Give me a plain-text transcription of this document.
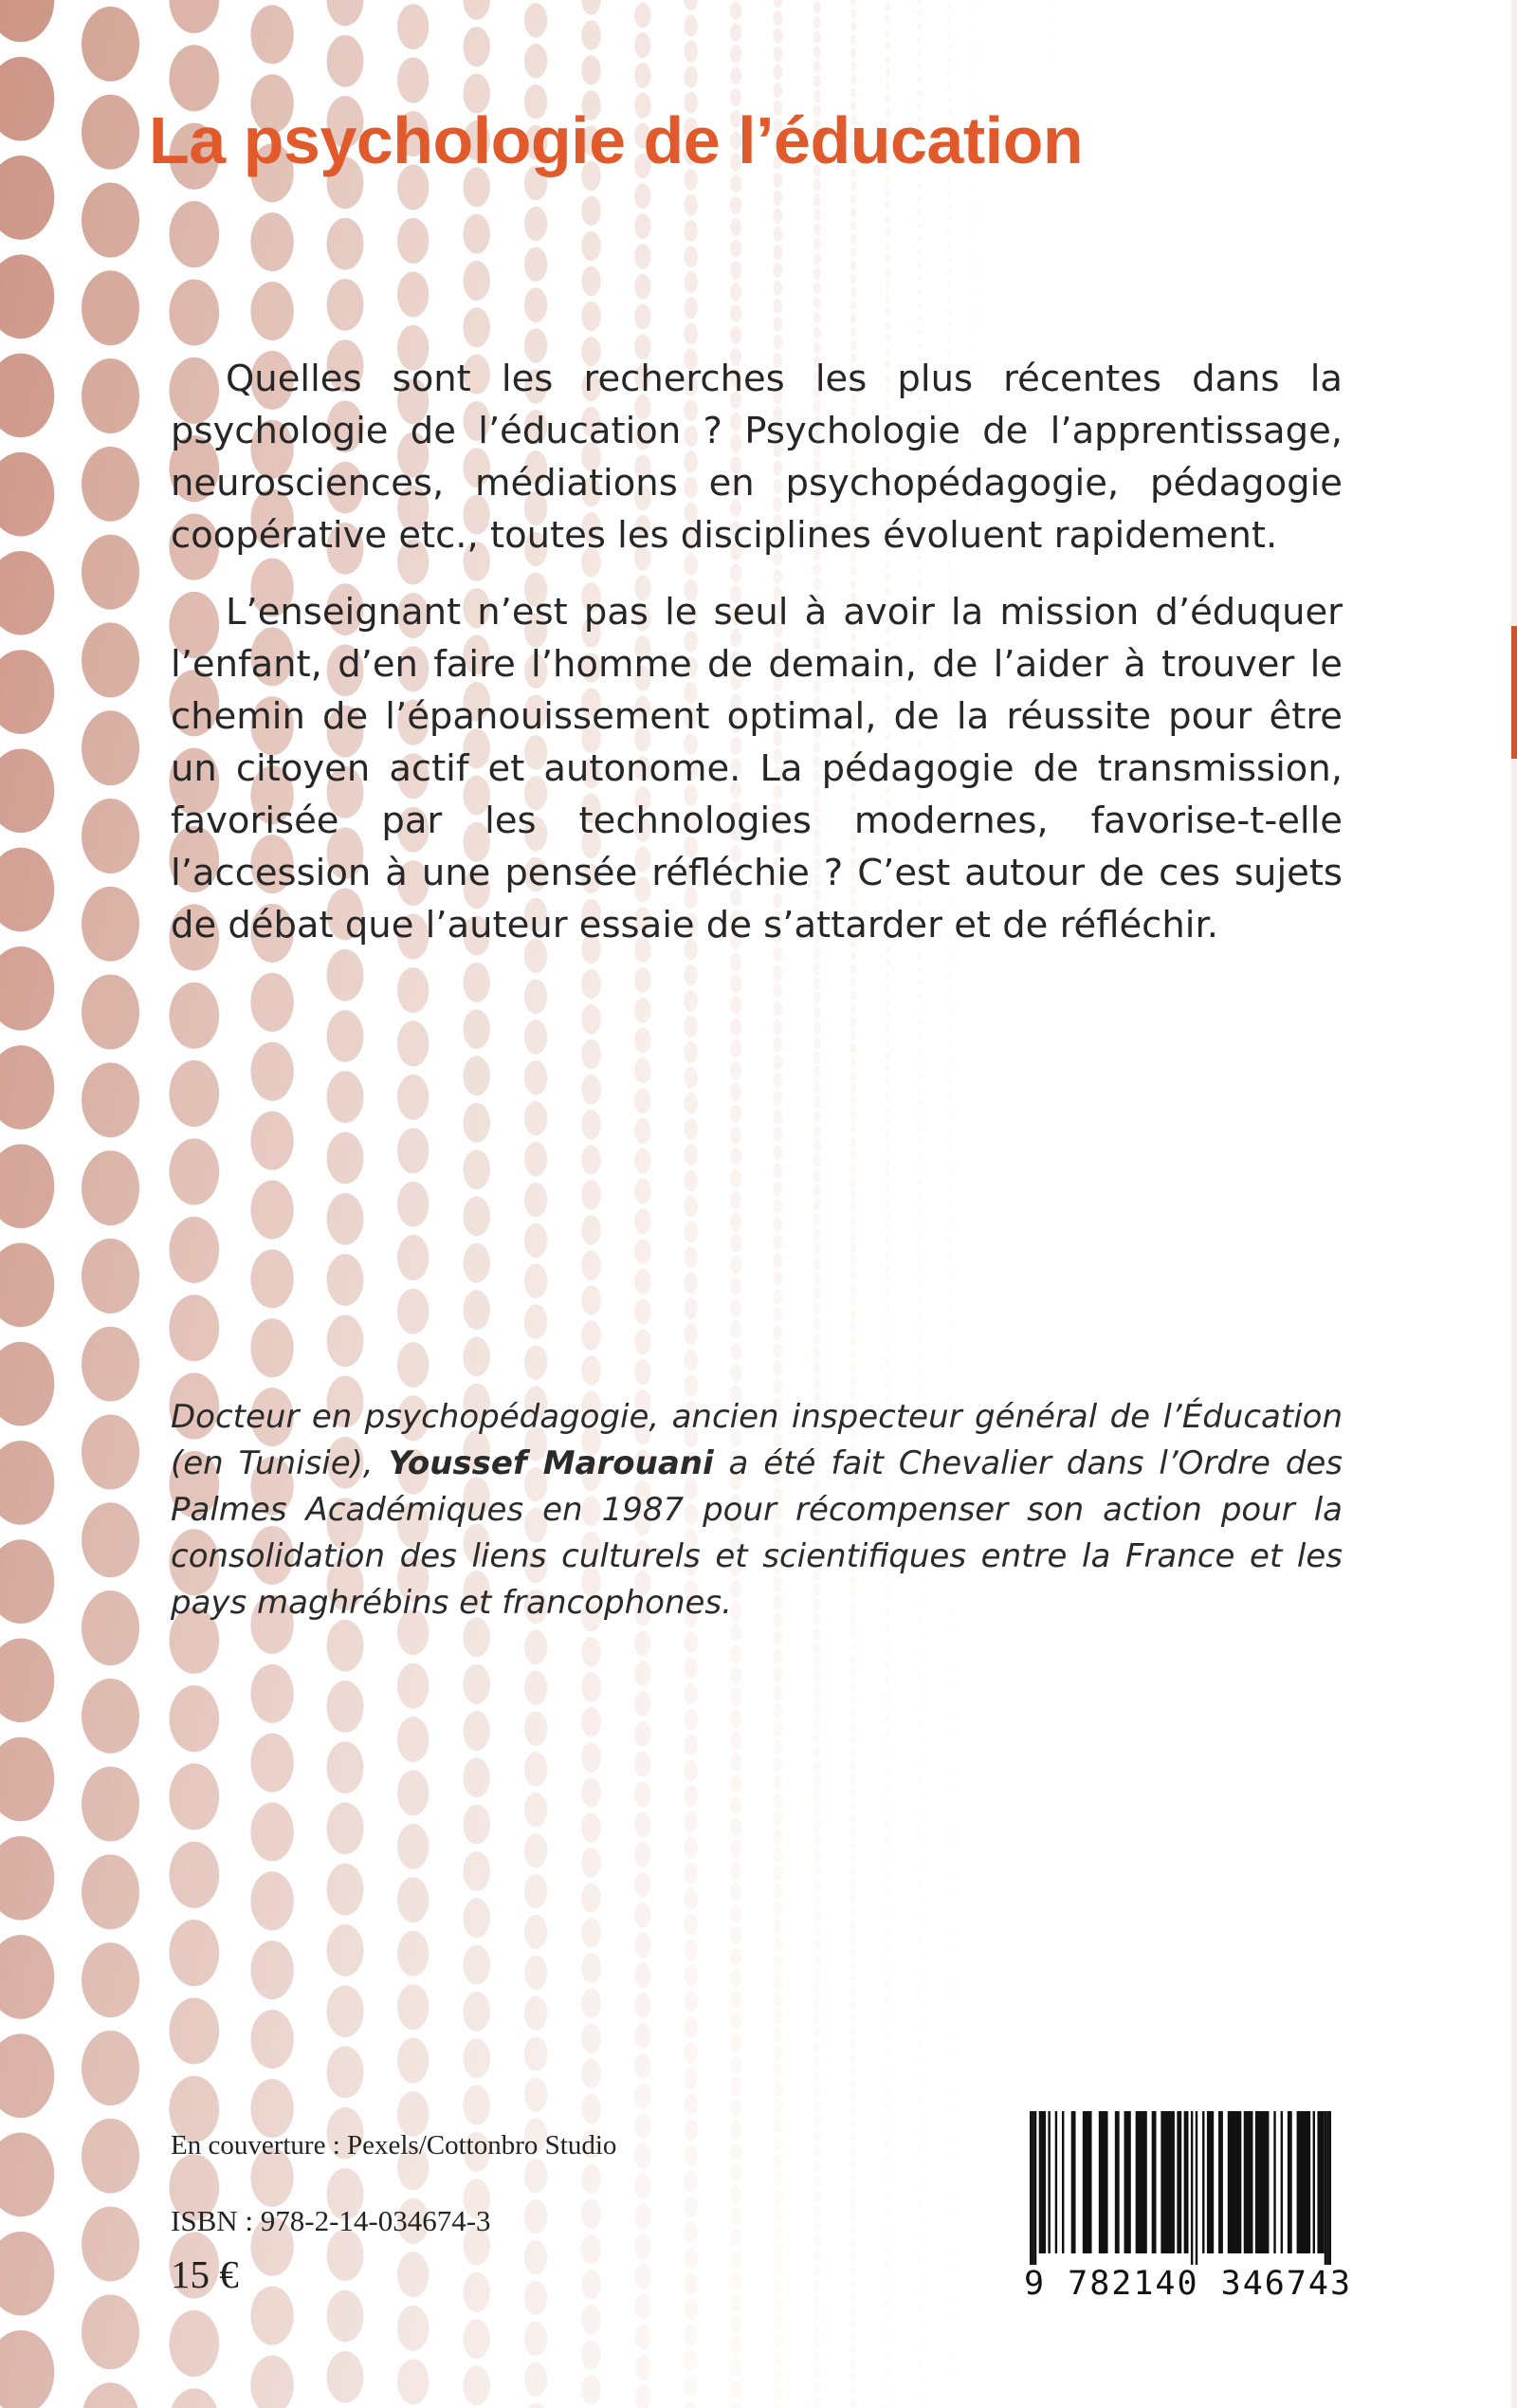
La psychologie de l’éducation

Quelles sont les recherches les plus récentes dans la psychologie de l’éducation ? Psychologie de l’apprentissage, neurosciences, médiations en psychopédagogie, pédagogie coopérative etc., toutes les disciplines évoluent rapidement.

L’enseignant n’est pas le seul à avoir la mission d’éduquer l’enfant, d’en faire l’homme de demain, de l’aider à trouver le chemin de l’épanouissement optimal, de la réussite pour être un citoyen actif et autonome. La pédagogie de transmission, favorisée par les technologies modernes, favorise-t-elle l’accession à une pensée réfléchie ? C’est autour de ces sujets de débat que l’auteur essaie de s’attarder et de réfléchir.

Docteur en psychopédagogie, ancien inspecteur général de l’Éducation (en Tunisie), Youssef Marouani a été fait Chevalier dans l’Ordre des Palmes Académiques en 1987 pour récompenser son action pour la consolidation des liens culturels et scientifiques entre la France et les pays maghrébins et francophones.

En couverture : Pexels/Cottonbro Studio

ISBN : 978-2-14-034674-3

15 €	9 782140 346743
